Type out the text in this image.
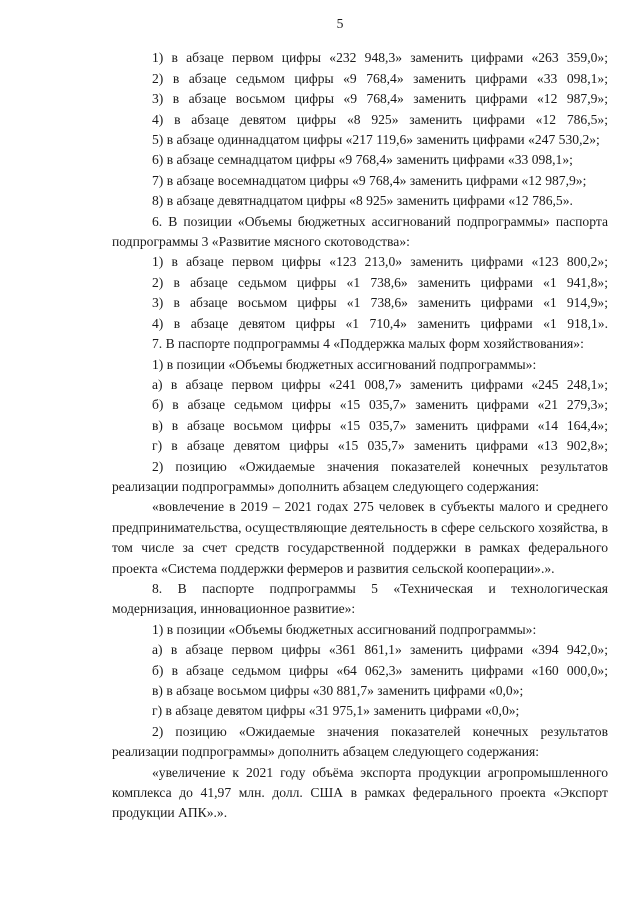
5

1) в абзаце первом цифры «232 948,3» заменить цифрами «263 359,0»;

2) в абзаце седьмом цифры «9 768,4» заменить цифрами «33 098,1»;

3) в абзаце восьмом цифры «9 768,4» заменить цифрами «12 987,9»;

4) в абзаце девятом цифры «8 925» заменить цифрами «12 786,5»;

5) в абзаце одиннадцатом цифры «217 119,6» заменить цифрами «247 530,2»;

6) в абзаце семнадцатом цифры «9 768,4» заменить цифрами «33 098,1»;

7) в абзаце восемнадцатом цифры «9 768,4» заменить цифрами «12 987,9»;

8) в абзаце девятнадцатом цифры «8 925» заменить цифрами «12 786,5».

6. В позиции «Объемы бюджетных ассигнований подпрограммы» паспорта подпрограммы 3 «Развитие мясного скотоводства»:

1) в абзаце первом цифры «123 213,0» заменить цифрами «123 800,2»;

2) в абзаце седьмом цифры «1 738,6» заменить цифрами «1 941,8»;

3) в абзаце восьмом цифры «1 738,6» заменить цифрами «1 914,9»;

4) в абзаце девятом цифры «1 710,4» заменить цифрами «1 918,1».

7. В паспорте подпрограммы 4 «Поддержка малых форм хозяйствования»:

1) в позиции «Объемы бюджетных ассигнований подпрограммы»:

а) в абзаце первом цифры «241 008,7» заменить цифрами «245 248,1»;

б) в абзаце седьмом цифры «15 035,7» заменить цифрами «21 279,3»;

в) в абзаце восьмом цифры «15 035,7» заменить цифрами «14 164,4»;

г) в абзаце девятом цифры «15 035,7» заменить цифрами «13 902,8»;

2) позицию «Ожидаемые значения показателей конечных результатов реализации подпрограммы» дополнить абзацем следующего содержания:

«вовлечение в 2019 – 2021 годах 275 человек в субъекты малого и среднего предпринимательства, осуществляющие деятельность в сфере сельского хозяйства, в том числе за счет средств государственной поддержки в рамках федерального проекта «Система поддержки фермеров и развития сельской кооперации».».

8. В паспорте подпрограммы 5 «Техническая и технологическая модернизация, инновационное развитие»:

1) в позиции «Объемы бюджетных ассигнований подпрограммы»:

а) в абзаце первом цифры «361 861,1» заменить цифрами «394 942,0»;

б) в абзаце седьмом цифры «64 062,3» заменить цифрами «160 000,0»;

в) в абзаце восьмом цифры «30 881,7» заменить цифрами «0,0»;

г) в абзаце девятом цифры «31 975,1» заменить цифрами «0,0»;

2) позицию «Ожидаемые значения показателей конечных результатов реализации подпрограммы» дополнить абзацем следующего содержания:

«увеличение к 2021 году объёма экспорта продукции агропромышленного комплекса до 41,97 млн. долл. США в рамках федерального проекта «Экспорт продукции АПК».».
